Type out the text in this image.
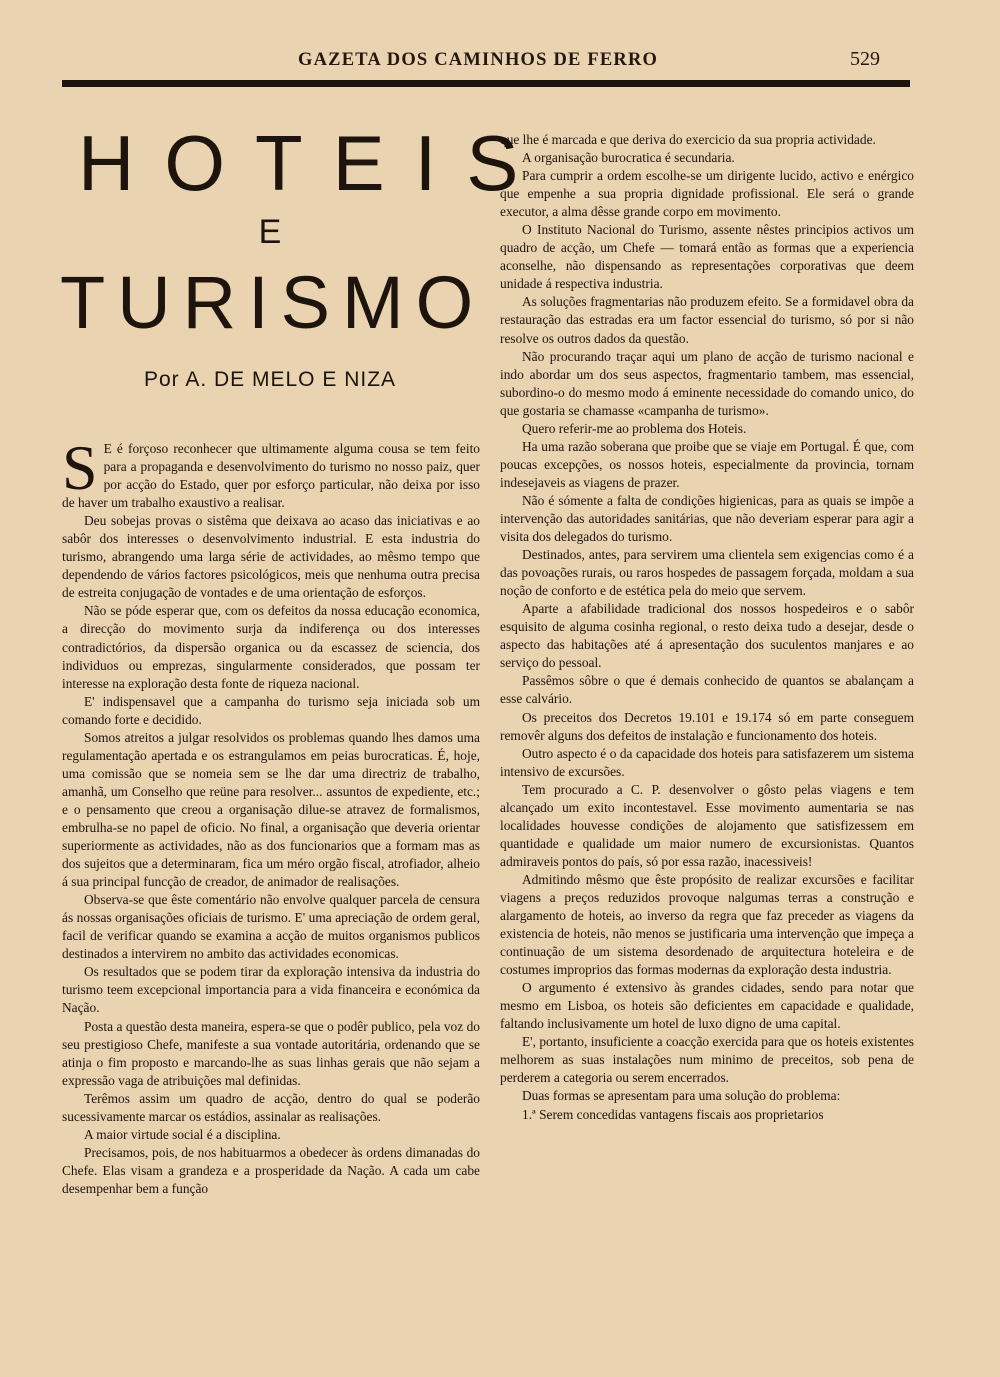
GAZETA DOS CAMINHOS DE FERRO	529
HOTEIS
E
TURISMO
Por A. DE MELO E NIZA

S E é forçoso reconhecer que ultimamente alguma cousa se tem feito para a propaganda e desenvolvimento do turismo no nosso paiz, quer por acção do Estado, quer por esforço particular, não deixa por isso de haver um trabalho exaustivo a realisar.

Deu sobejas provas o sistêma que deixava ao acaso das iniciativas e ao sabôr dos interesses o desenvolvimento industrial. E esta industria do turismo, abrangendo uma larga série de actividades, ao mêsmo tempo que dependendo de vários factores psicológicos, meis que nenhuma outra precisa de estreita conjugação de vontades e de uma orientação de esforços.

Não se póde esperar que, com os defeitos da nossa educação economica, a direcção do movimento surja da indiferença ou dos interesses contradictórios, da dispersão organica ou da escassez de sciencia, dos individuos ou emprezas, singularmente considerados, que possam ter interesse na exploração desta fonte de riqueza nacional.

E' indispensavel que a campanha do turismo seja iniciada sob um comando forte e decidido.

Somos atreitos a julgar resolvidos os problemas quando lhes damos uma regulamentação apertada e os estrangulamos em peias burocraticas. É, hoje, uma comissão que se nomeia sem se lhe dar uma directriz de trabalho, amanhã, um Conselho que reüne para resolver... assuntos de expediente, etc.; e o pensamento que creou a organisação dilue-se atravez de formalismos, embrulha-se no papel de oficio. No final, a organisação que deveria orientar superiormente as actividades, não as dos funcionarios que a formam mas as dos sujeitos que a determinaram, fica um méro orgão fiscal, atrofiador, alheio á sua principal funcção de creador, de animador de realisações.

Observa-se que êste comentário não envolve qualquer parcela de censura ás nossas organisações oficiais de turismo. E' uma apreciação de ordem geral, facil de verificar quando se examina a acção de muitos organismos publicos destinados a intervirem no ambito das actividades economicas.

Os resultados que se podem tirar da exploração intensiva da industria do turismo teem excepcional importancia para a vida financeira e económica da Nação.

Posta a questão desta maneira, espera-se que o podêr publico, pela voz do seu prestigioso Chefe, manifeste a sua vontade autoritária, ordenando que se atinja o fim proposto e marcando-lhe as suas linhas gerais que não sejam a expressão vaga de atribuições mal definidas.

Terêmos assim um quadro de acção, dentro do qual se poderão sucessivamente marcar os estádios, assinalar as realisações.

A maior virtude social é a disciplina.

Precisamos, pois, de nos habituarmos a obedecer às ordens dimanadas do Chefe. Elas visam a grandeza e a prosperidade da Nação. A cada um cabe desempenhar bem a função

que lhe é marcada e que deriva do exercicio da sua propria actividade.

A organisação burocratica é secundaria.

Para cumprir a ordem escolhe-se um dirigente lucido, activo e enérgico que empenhe a sua propria dignidade profissional. Ele será o grande executor, a alma dêsse grande corpo em movimento.

O Instituto Nacional do Turismo, assente nêstes principios activos um quadro de acção, um Chefe — tomará então as formas que a experiencia aconselhe, não dispensando as representações corporativas que deem unidade á respectiva industria.

As soluções fragmentarias não produzem efeito. Se a formidavel obra da restauração das estradas era um factor essencial do turismo, só por si não resolve os outros dados da questão.

Não procurando traçar aqui um plano de acção de turismo nacional e indo abordar um dos seus aspectos, fragmentario tambem, mas essencial, subordino-o do mesmo modo á eminente necessidade do comando unico, do que gostaria se chamasse «campanha de turismo».

Quero referir-me ao problema dos Hoteis.

Ha uma razão soberana que proibe que se viaje em Portugal. É que, com poucas excepções, os nossos hoteis, especialmente da provincia, tornam indesejaveis as viagens de prazer.

Não é sómente a falta de condições higienicas, para as quais se impõe a intervenção das autoridades sanitárias, que não deveriam esperar para agir a visita dos delegados do turismo.

Destinados, antes, para servirem uma clientela sem exigencias como é a das povoações rurais, ou raros hospedes de passagem forçada, moldam a sua noção de conforto e de estética pela do meio que servem.

Aparte a afabilidade tradicional dos nossos hospedeiros e o sabôr esquisito de alguma cosinha regional, o resto deixa tudo a desejar, desde o aspecto das habitações até á apresentação dos suculentos manjares e ao serviço do pessoal.

Passêmos sôbre o que é demais conhecido de quantos se abalançam a esse calvário.

Os preceitos dos Decretos 19.101 e 19.174 só em parte conseguem removêr alguns dos defeitos de instalação e funcionamento dos hoteis.

Outro aspecto é o da capacidade dos hoteis para satisfazerem um sistema intensivo de excursões.

Tem procurado a C. P. desenvolver o gôsto pelas viagens e tem alcançado um exito incontestavel. Esse movimento aumentaria se nas localidades houvesse condições de alojamento que satisfizessem em quantidade e qualidade um maior numero de excursionistas. Quantos admiraveis pontos do país, só por essa razão, inacessiveis!

Admitindo mêsmo que êste propósito de realizar excursões e facilitar viagens a preços reduzidos provoque nalgumas terras a construção e alargamento de hoteis, ao inverso da regra que faz preceder as viagens da existencia de hoteis, não menos se justificaria uma intervenção que impeça a continuação de um sistema desordenado de arquitectura hoteleira e de costumes improprios das formas modernas da exploração desta industria.

O argumento é extensivo às grandes cidades, sendo para notar que mesmo em Lisboa, os hoteis são deficientes em capacidade e qualidade, faltando inclusivamente um hotel de luxo digno de uma capital.

E', portanto, insuficiente a coacção exercida para que os hoteis existentes melhorem as suas instalações num minimo de preceitos, sob pena de perderem a categoria ou serem encerrados.

Duas formas se apresentam para uma solução do problema:

1.ª Serem concedidas vantagens fiscais aos proprietarios
